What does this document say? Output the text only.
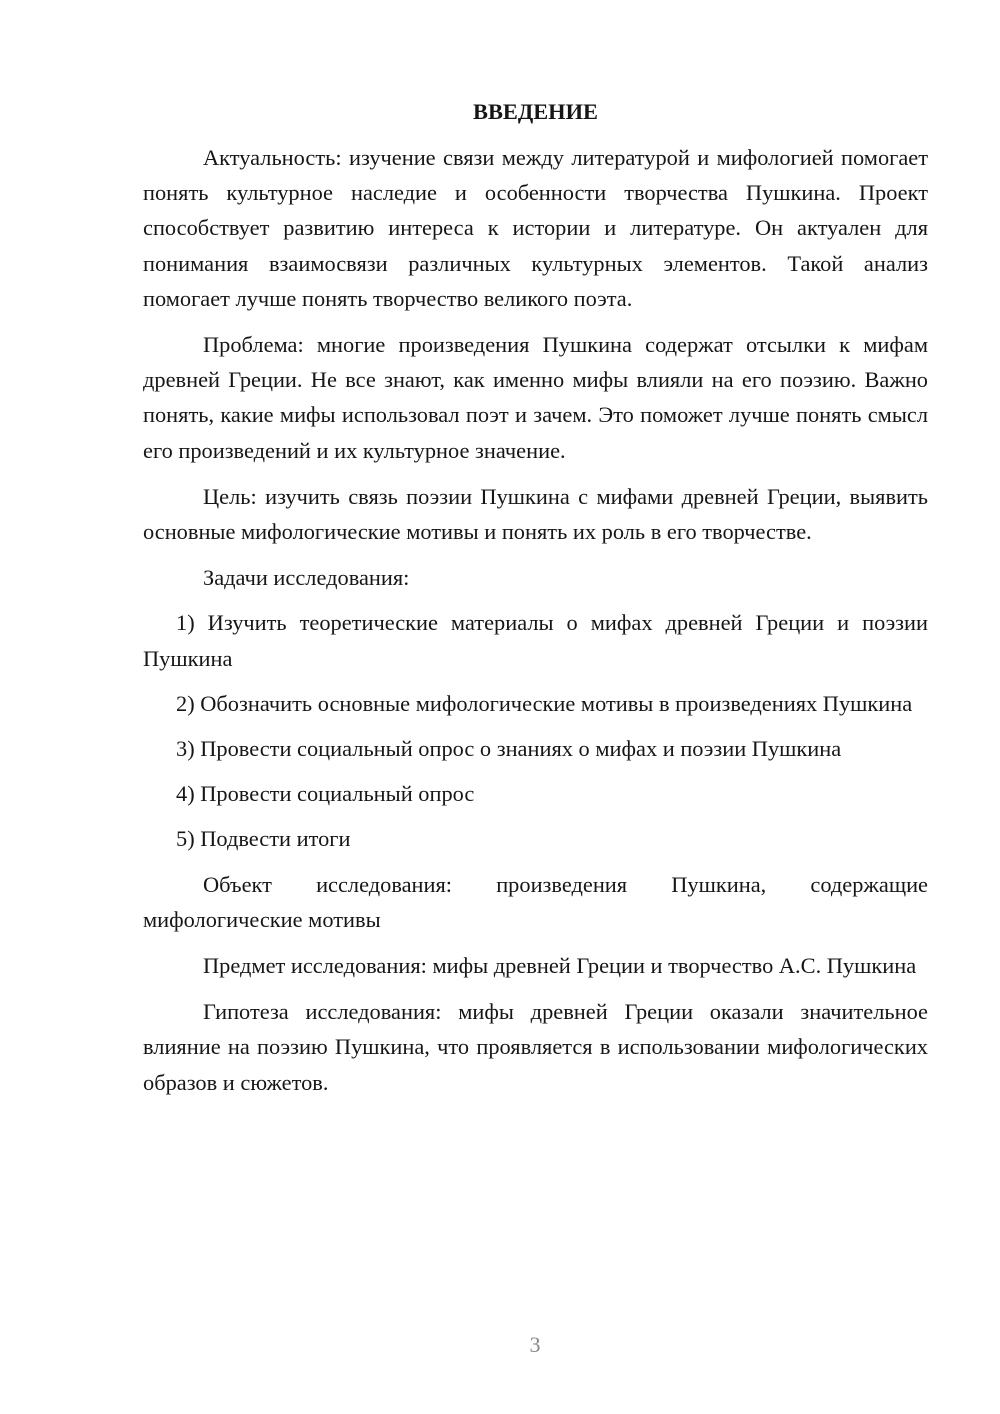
ВВЕДЕНИЕ

Актуальность: изучение связи между литературой и мифологией помогает понять культурное наследие и особенности творчества Пушкина. Проект способствует развитию интереса к истории и литературе. Он актуален для понимания взаимосвязи различных культурных элементов. Такой анализ помогает лучше понять творчество великого поэта.

Проблема: многие произведения Пушкина содержат отсылки к мифам древней Греции. Не все знают, как именно мифы влияли на его поэзию. Важно понять, какие мифы использовал поэт и зачем. Это поможет лучше понять смысл его произведений и их культурное значение.

Цель: изучить связь поэзии Пушкина с мифами древней Греции, выявить основные мифологические мотивы и понять их роль в его творчестве.

Задачи исследования:

1) Изучить теоретические материалы о мифах древней Греции и поэзии Пушкина

2) Обозначить основные мифологические мотивы в произведениях Пушкина

3) Провести социальный опрос о знаниях о мифах и поэзии Пушкина

4) Провести социальный опрос

5) Подвести итоги

Объект исследования: произведения Пушкина, содержащие мифологические мотивы

Предмет исследования: мифы древней Греции и творчество А.С. Пушкина

Гипотеза исследования: мифы древней Греции оказали значительное влияние на поэзию Пушкина, что проявляется в использовании мифологических образов и сюжетов.

3
